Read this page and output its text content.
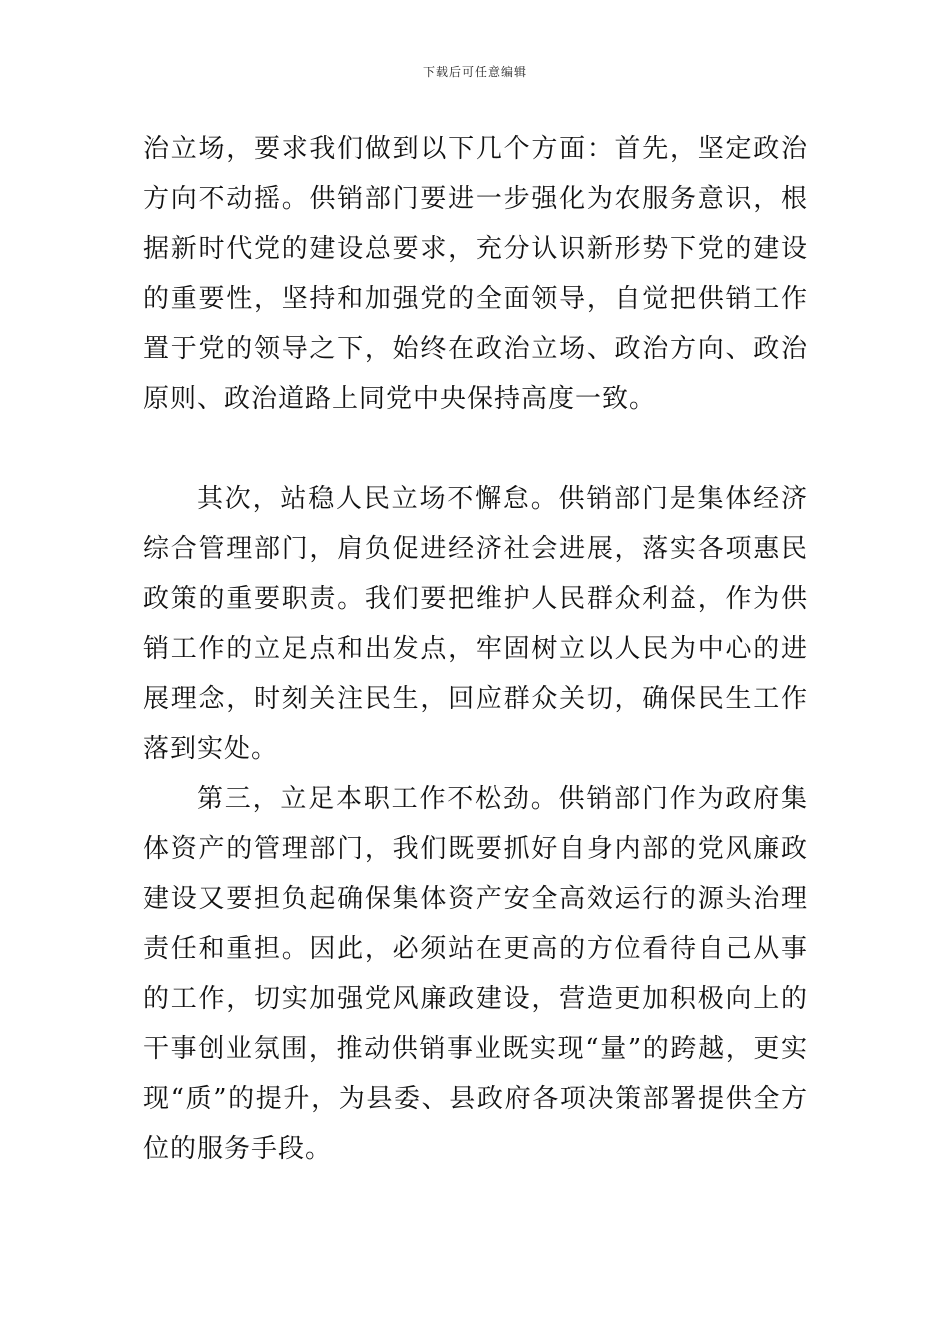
下载后可任意编辑

治立场，要求我们做到以下几个方面：首先，坚定政治方向不动摇。供销部门要进一步强化为农服务意识，根据新时代党的建设总要求，充分认识新形势下党的建设的重要性，坚持和加强党的全面领导，自觉把供销工作置于党的领导之下，始终在政治立场、政治方向、政治原则、政治道路上同党中央保持高度一致。

其次，站稳人民立场不懈怠。供销部门是集体经济综合管理部门，肩负促进经济社会进展，落实各项惠民政策的重要职责。我们要把维护人民群众利益，作为供销工作的立足点和出发点，牢固树立以人民为中心的进展理念，时刻关注民生，回应群众关切，确保民生工作落到实处。

第三，立足本职工作不松劲。供销部门作为政府集体资产的管理部门，我们既要抓好自身内部的党风廉政建设又要担负起确保集体资产安全高效运行的源头治理责任和重担。因此，必须站在更高的方位看待自己从事的工作，切实加强党风廉政建设，营造更加积极向上的干事创业氛围，推动供销事业既实现“量”的跨越，更实现“质”的提升，为县委、县政府各项决策部署提供全方位的服务手段。
